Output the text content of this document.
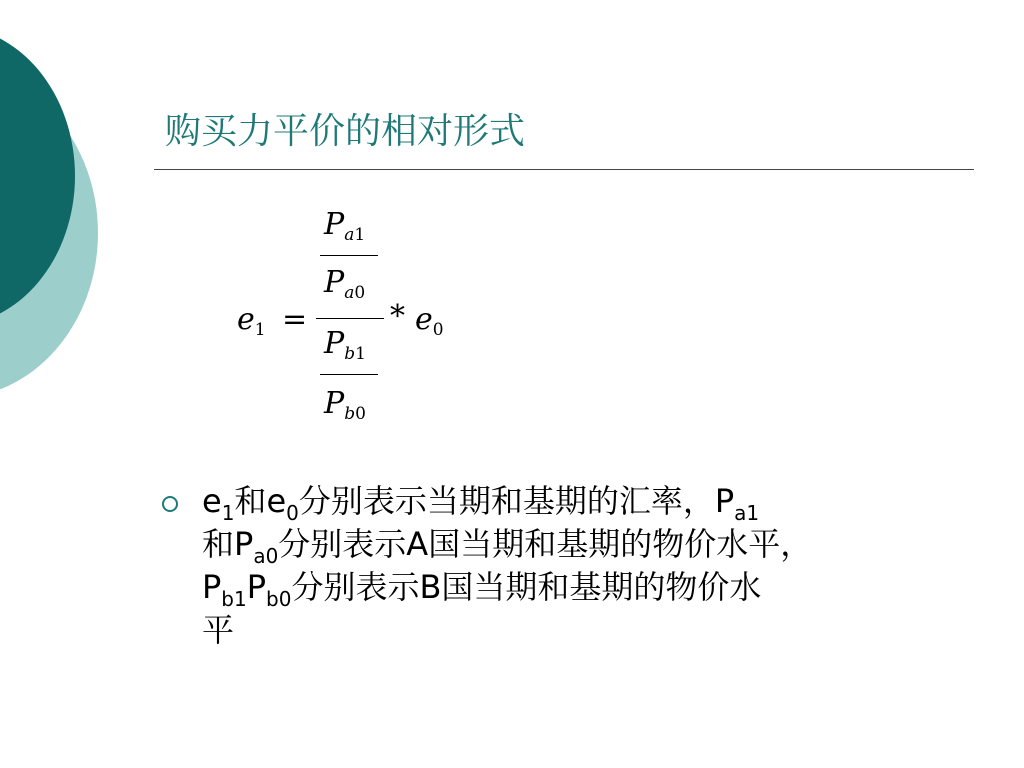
购买力平价的相对形式
$e_1$ =
$P_{a1}$
$P_{a0}$
$P_{b1}$
$P_{b0}$
* $e_0$
$e_1$和$e_0$分别表示当期和基期的汇率，$P_{a1}$
和$P_{a0}$分别表示A国当期和基期的物价水平，
$P_{b1}P_{b0}$分别表示B国当期和基期的物价水
平
